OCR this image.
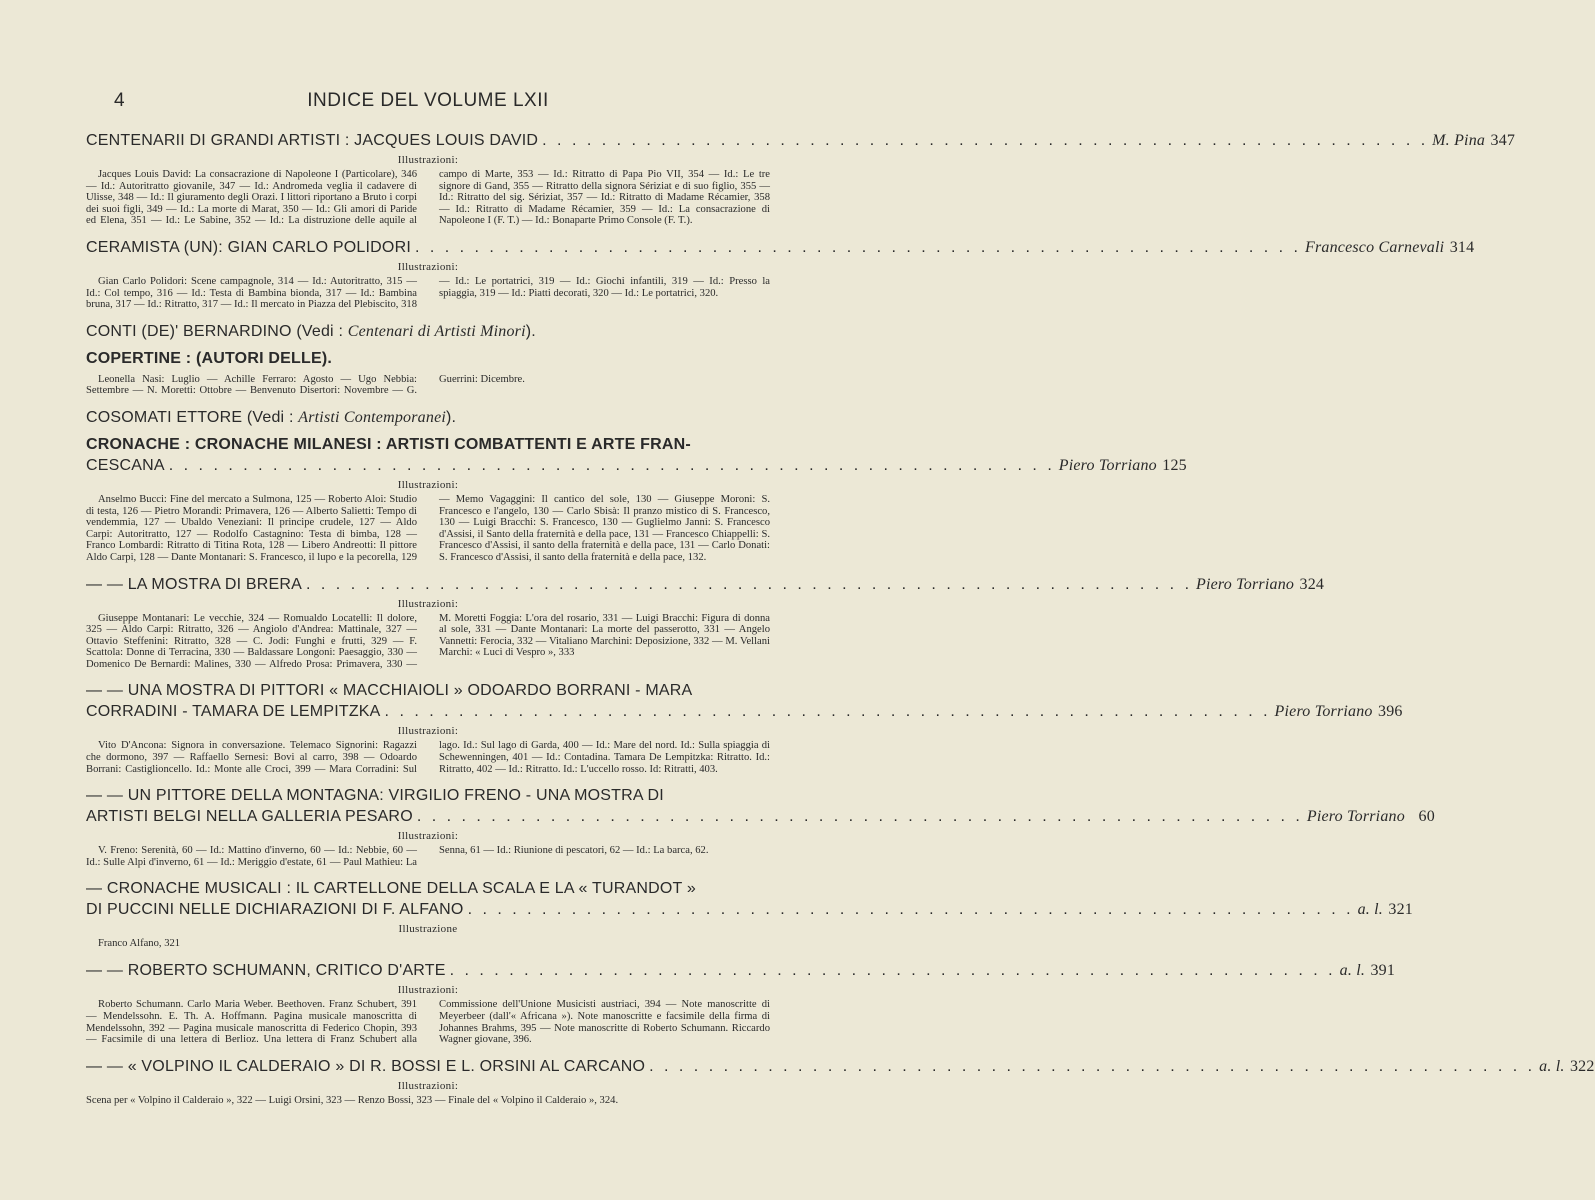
4	INDICE DEL VOLUME LXII
CENTENARII DI GRANDI ARTISTI : JACQUES LOUIS DAVID . . . . . . . . . . . . . . . . . . . . . . . . . . . . . . . . . . . . . . . . . . . . . . . . . . . . . . . . . . . . M. Pina 347
Illustrazioni:

Jacques Louis David: La consacrazione di Napoleone I (Particolare), 346 — Id.: Autoritratto giovanile, 347 — Id.: Andromeda veglia il cadavere di Ulisse, 348 — Id.: Il giuramento degli Orazi. I littori riportano a Bruto i corpi dei suoi figli, 349 — Id.: La morte di Marat, 350 — Id.: Gli amori di Paride ed Elena, 351 — Id.: Le Sabine, 352 — Id.: La distruzione delle aquile al campo di Marte, 353 — Id.: Ritratto di Papa Pio VII, 354 — Id.: Le tre signore di Gand, 355 — Ritratto della signora Sériziat e di suo figlio, 355 — Id.: Ritratto del sig. Sériziat, 357 — Id.: Ritratto di Madame Récamier, 358 — Id.: Ritratto di Madame Récamier, 359 — Id.: La consacrazione di Napoleone I (F. T.) — Id.: Bonaparte Primo Console (F. T.).

CERAMISTA (UN): GIAN CARLO POLIDORI . . . . . . . . . . . . . . . . . . . . . . . . . . . . . . . . . . . . . . . . . . . . . . . . . . . . . . . . . . . . Francesco Carnevali 314
Illustrazioni:

Gian Carlo Polidori: Scene campagnole, 314 — Id.: Autoritratto, 315 — Id.: Col tempo, 316 — Id.: Testa di Bambina bionda, 317 — Id.: Bambina bruna, 317 — Id.: Ritratto, 317 — Id.: Il mercato in Piazza del Plebiscito, 318 — Id.: Le portatrici, 319 — Id.: Giochi infantili, 319 — Id.: Presso la spiaggia, 319 — Id.: Piatti decorati, 320 — Id.: Le portatrici, 320.

CONTI (DE)' BERNARDINO (Vedi : Centenari di Artisti Minori).
COPERTINE : (AUTORI DELLE).

Leonella Nasi: Luglio — Achille Ferraro: Agosto — Ugo Nebbia: Settembre — N. Moretti: Ottobre — Benvenuto Disertori: Novembre — G. Guerrini: Dicembre.

COSOMATI ETTORE (Vedi : Artisti Contemporanei).
CRONACHE : CRONACHE MILANESI : ARTISTI COMBATTENTI E ARTE FRAN-
CESCANA . . . . . . . . . . . . . . . . . . . . . . . . . . . . . . . . . . . . . . . . . . . . . . . . . . . . . . . . . . . . Piero Torriano 125
Illustrazioni:

Anselmo Bucci: Fine del mercato a Sulmona, 125 — Roberto Aloi: Studio di testa, 126 — Pietro Morandi: Primavera, 126 — Alberto Salietti: Tempo di vendemmia, 127 — Ubaldo Veneziani: Il principe crudele, 127 — Aldo Carpi: Autoritratto, 127 — Rodolfo Castagnino: Testa di bimba, 128 — Franco Lombardi: Ritratto di Titina Rota, 128 — Libero Andreotti: Il pittore Aldo Carpi, 128 — Dante Montanari: S. Francesco, il lupo e la pecorella, 129 — Memo Vagaggini: Il cantico del sole, 130 — Giuseppe Moroni: S. Francesco e l'angelo, 130 — Carlo Sbisà: Il pranzo mistico di S. Francesco, 130 — Luigi Bracchi: S. Francesco, 130 — Guglielmo Janni: S. Francesco d'Assisi, il Santo della fraternità e della pace, 131 — Francesco Chiappelli: S. Francesco d'Assisi, il santo della fraternità e della pace, 131 — Carlo Donati: S. Francesco d'Assisi, il santo della fraternità e della pace, 132.

— — LA MOSTRA DI BRERA . . . . . . . . . . . . . . . . . . . . . . . . . . . . . . . . . . . . . . . . . . . . . . . . . . . . . . . . . . . . Piero Torriano 324
Illustrazioni:

Giuseppe Montanari: Le vecchie, 324 — Romualdo Locatelli: Il dolore, 325 — Aldo Carpi: Ritratto, 326 — Angiolo d'Andrea: Mattinale, 327 — Ottavio Steffenini: Ritratto, 328 — C. Jodi: Funghi e frutti, 329 — F. Scattola: Donne di Terracina, 330 — Baldassare Longoni: Paesaggio, 330 — Domenico De Bernardi: Malines, 330 — Alfredo Prosa: Primavera, 330 — M. Moretti Foggia: L'ora del rosario, 331 — Luigi Bracchi: Figura di donna al sole, 331 — Dante Montanari: La morte del passerotto, 331 — Angelo Vannetti: Ferocia, 332 — Vitaliano Marchini: Deposizione, 332 — M. Vellani Marchi: « Luci di Vespro », 333

— — UNA MOSTRA DI PITTORI « MACCHIAIOLI » ODOARDO BORRANI - MARA
CORRADINI - TAMARA DE LEMPITZKA . . . . . . . . . . . . . . . . . . . . . . . . . . . . . . . . . . . . . . . . . . . . . . . . . . . . . . . . . . . . Piero Torriano 396
Illustrazioni:

Vito D'Ancona: Signora in conversazione. Telemaco Signorini: Ragazzi che dormono, 397 — Raffaello Sernesi: Bovi al carro, 398 — Odoardo Borrani: Castiglioncello. Id.: Monte alle Croci, 399 — Mara Corradini: Sul lago. Id.: Sul lago di Garda, 400 — Id.: Mare del nord. Id.: Sulla spiaggia di Schewenningen, 401 — Id.: Contadina. Tamara De Lempitzka: Ritratto. Id.: Ritratto, 402 — Id.: Ritratto. Id.: L'uccello rosso. Id: Ritratti, 403.

— — UN PITTORE DELLA MONTAGNA: VIRGILIO FRENO - UNA MOSTRA DI
ARTISTI BELGI NELLA GALLERIA PESARO . . . . . . . . . . . . . . . . . . . . . . . . . . . . . . . . . . . . . . . . . . . . . . . . . . . . . . . . . . . . Piero Torriano 60
Illustrazioni:

V. Freno: Serenità, 60 — Id.: Mattino d'inverno, 60 — Id.: Nebbie, 60 — Id.: Sulle Alpi d'inverno, 61 — Id.: Meriggio d'estate, 61 — Paul Mathieu: La Senna, 61 — Id.: Riunione di pescatori, 62 — Id.: La barca, 62.

— CRONACHE MUSICALI : IL CARTELLONE DELLA SCALA E LA « TURANDOT »
DI PUCCINI NELLE DICHIARAZIONI DI F. ALFANO . . . . . . . . . . . . . . . . . . . . . . . . . . . . . . . . . . . . . . . . . . . . . . . . . . . . . . . . . . . . a. l. 321
Illustrazione
Franco Alfano, 321
— — ROBERTO SCHUMANN, CRITICO D'ARTE . . . . . . . . . . . . . . . . . . . . . . . . . . . . . . . . . . . . . . . . . . . . . . . . . . . . . . . . . . . . a. l. 391
Illustrazioni:

Roberto Schumann. Carlo Maria Weber. Beethoven. Franz Schubert, 391 — Mendelssohn. E. Th. A. Hoffmann. Pagina musicale manoscritta di Mendelssohn, 392 — Pagina musicale manoscritta di Federico Chopin, 393 — Facsimile di una lettera di Berlioz. Una lettera di Franz Schubert alla Commissione dell'Unione Musicisti austriaci, 394 — Note manoscritte di Meyerbeer (dall'« Africana »). Note manoscritte e facsimile della firma di Johannes Brahms, 395 — Note manoscritte di Roberto Schumann. Riccardo Wagner giovane, 396.

— — « VOLPINO IL CALDERAIO » DI R. BOSSI E L. ORSINI AL CARCANO . . . . . . . . . . . . . . . . . . . . . . . . . . . . . . . . . . . . . . . . . . . . . . . . . . . . . . . . . . . . a. l. 322
Illustrazioni:
Scena per « Volpino il Calderaio », 322 — Luigi Orsini, 323 — Renzo Bossi, 323 — Finale del « Volpino il Calderaio », 324.
